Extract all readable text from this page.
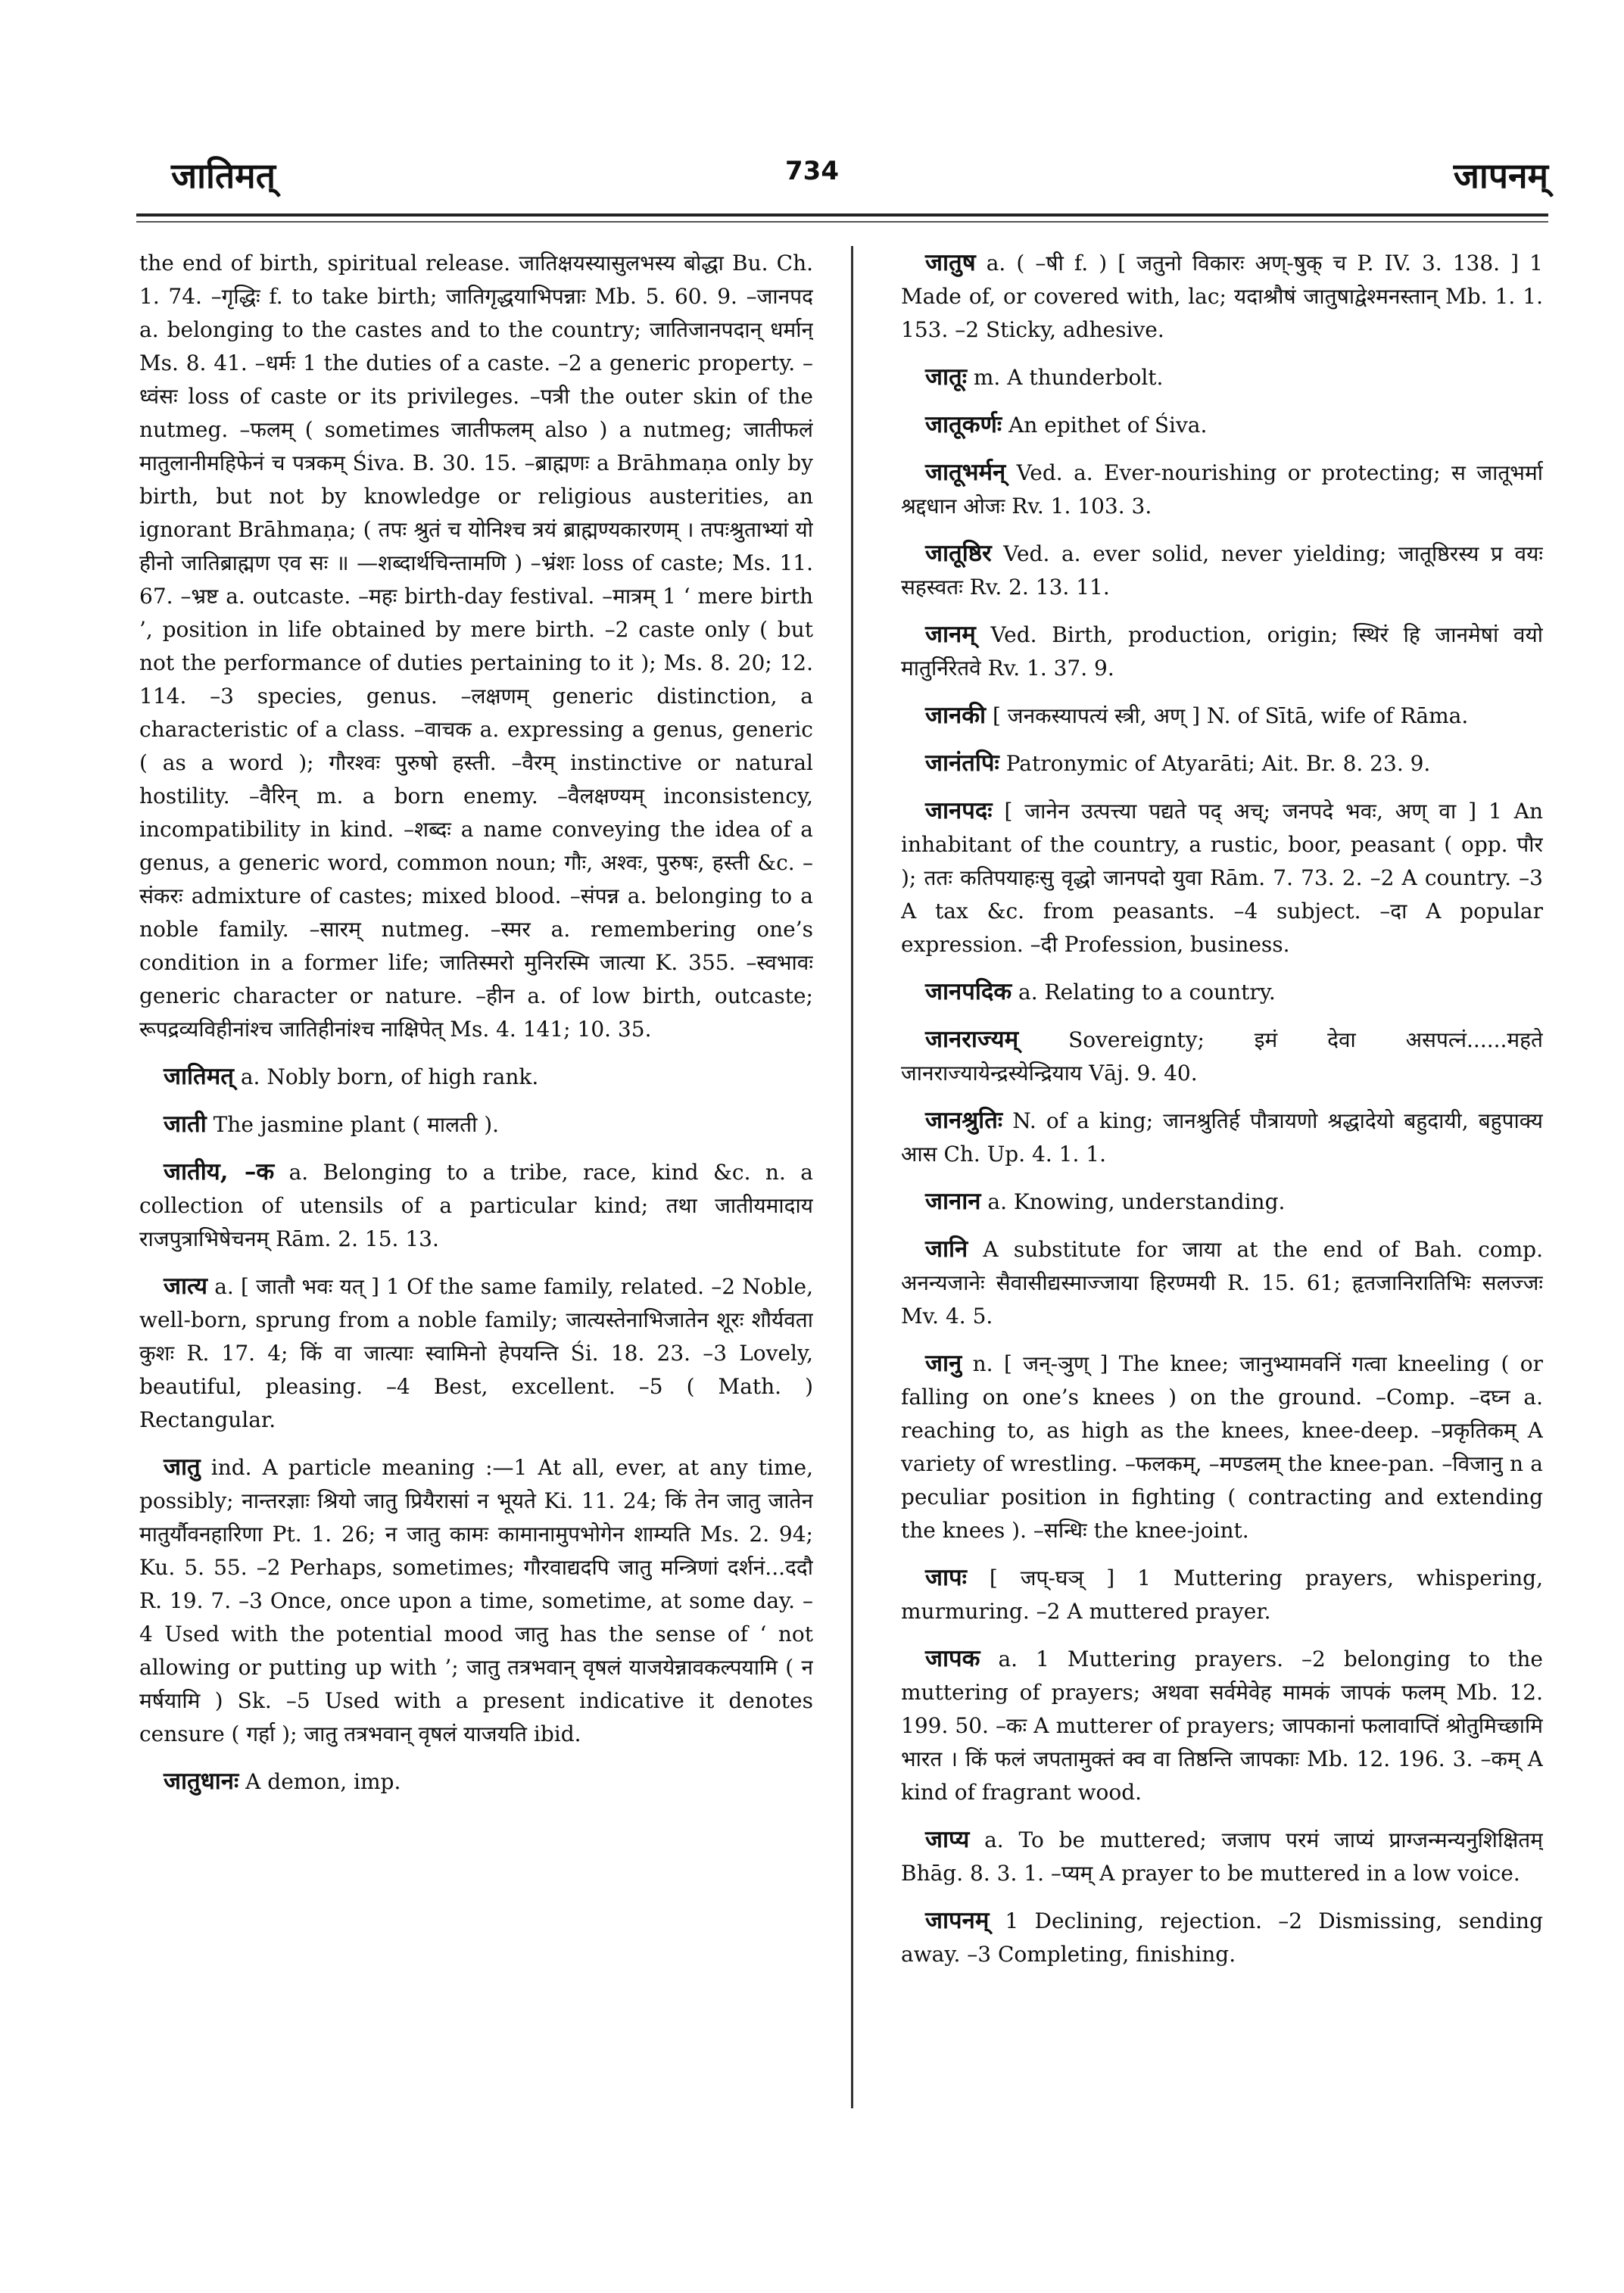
जातिमत्	734	जापनम्

the end of birth, spiritual release. जातिक्षयस्यासुलभस्य बोद्धा Bu. Ch. 1. 74. –गृद्धिः f. to take birth; जातिगृद्धयाभिपन्नाः Mb. 5. 60. 9. –जानपद a. belonging to the castes and to the country; जातिजानपदान् धर्मान् Ms. 8. 41. –धर्मः 1 the duties of a caste. –2 a generic property. –ध्वंसः loss of caste or its privileges. –पत्री the outer skin of the nutmeg. –फलम् ( sometimes जातीफलम् also ) a nutmeg; जातीफलं मातुलानीमहिफेनं च पत्रकम् Śiva. B. 30. 15. –ब्राह्मणः a Brāhmaṇa only by birth, but not by knowledge or religious austerities, an ignorant Brāhmaṇa; ( तपः श्रुतं च योनिश्च त्रयं ब्राह्मण्यकारणम् । तपःश्रुताभ्यां यो हीनो जातिब्राह्मण एव सः ॥ —शब्दार्थचिन्तामणि ) –भ्रंशः loss of caste; Ms. 11. 67. –भ्रष्ट a. outcaste. –महः birth-day festival. –मात्रम् 1 ‘ mere birth ’, position in life obtained by mere birth. –2 caste only ( but not the performance of duties pertaining to it ); Ms. 8. 20; 12. 114. –3 species, genus. –लक्षणम् generic distinction, a characteristic of a class. –वाचक a. expressing a genus, generic ( as a word ); गौरश्वः पुरुषो हस्ती. –वैरम् instinctive or natural hostility. –वैरिन् m. a born enemy. –वैलक्षण्यम् inconsistency, incompatibility in kind. –शब्दः a name conveying the idea of a genus, a generic word, common noun; गौः, अश्वः, पुरुषः, हस्ती &c. –संकरः admixture of castes; mixed blood. –संपन्न a. belonging to a noble family. –सारम् nutmeg. –स्मर a. remembering one’s condition in a former life; जातिस्मरो मुनिरस्मि जात्या K. 355. –स्वभावः generic character or nature. –हीन a. of low birth, outcaste; रूपद्रव्यविहीनांश्च जातिहीनांश्च नाक्षिपेत् Ms. 4. 141; 10. 35.

जातिमत् a. Nobly born, of high rank.

जाती The jasmine plant ( मालती ).

जातीय, –क a. Belonging to a tribe, race, kind &c. n. a collection of utensils of a particular kind; तथा जातीयमादाय राजपुत्राभिषेचनम् Rām. 2. 15. 13.

जात्य a. [ जातौ भवः यत् ] 1 Of the same family, related. –2 Noble, well-born, sprung from a noble family; जात्यस्तेनाभिजातेन शूरः शौर्यवता कुशः R. 17. 4; किं वा जात्याः स्वामिनो हेपयन्ति Śi. 18. 23. –3 Lovely, beautiful, pleasing. –4 Best, excellent. –5 ( Math. ) Rectangular.

जातु ind. A particle meaning :—1 At all, ever, at any time, possibly; नान्तरज्ञाः श्रियो जातु प्रियैरासां न भूयते Ki. 11. 24; किं तेन जातु जातेन मातुर्यौवनहारिणा Pt. 1. 26; न जातु कामः कामानामुपभोगेन शाम्यति Ms. 2. 94; Ku. 5. 55. –2 Perhaps, sometimes; गौरवाद्यदपि जातु मन्त्रिणां दर्शनं...ददौ R. 19. 7. –3 Once, once upon a time, sometime, at some day. –4 Used with the potential mood जातु has the sense of ‘ not allowing or putting up with ’; जातु तत्रभवान् वृषलं याजयेन्नावकल्पयामि ( न मर्षयामि ) Sk. –5 Used with a present indicative it denotes censure ( गर्हा ); जातु तत्रभवान् वृषलं याजयति ibid.

जातुधानः A demon, imp.

जातुष a. ( –षी f. ) [ जतुनो विकारः अण्-षुक् च P. IV. 3. 138. ] 1 Made of, or covered with, lac; यदाश्रौषं जातुषाद्वेश्मनस्तान् Mb. 1. 1. 153. –2 Sticky, adhesive.

जातूः m. A thunderbolt.

जातूकर्णः An epithet of Śiva.

जातूभर्मन् Ved. a. Ever-nourishing or protecting; स जातूभर्मा श्रद्दधान ओजः Rv. 1. 103. 3.

जातूष्ठिर Ved. a. ever solid, never yielding; जातूष्ठिरस्य प्र वयः सहस्वतः Rv. 2. 13. 11.

जानम् Ved. Birth, production, origin; स्थिरं हि जानमेषां वयो मातुर्निरेतवे Rv. 1. 37. 9.

जानकी [ जनकस्यापत्यं स्त्री, अण् ] N. of Sītā, wife of Rāma.

जानंतपिः Patronymic of Atyarāti; Ait. Br. 8. 23. 9.

जानपदः [ जानेन उत्पत्त्या पद्यते पद् अच्; जनपदे भवः, अण् वा ] 1 An inhabitant of the country, a rustic, boor, peasant ( opp. पौर ); ततः कतिपयाहःसु वृद्धो जानपदो युवा Rām. 7. 73. 2. –2 A country. –3 A tax &c. from peasants. –4 subject. –दा A popular expression. –दी Profession, business.

जानपदिक a. Relating to a country.

जानराज्यम् Sovereignty; इमं देवा असपत्नं......महते जानराज्यायेन्द्रस्येन्द्रियाय Vāj. 9. 40.

जानश्रुतिः N. of a king; जानश्रुतिर्ह पौत्रायणो श्रद्धादेयो बहुदायी, बहुपाक्य आस Ch. Up. 4. 1. 1.

जानान a. Knowing, understanding.

जानि A substitute for जाया at the end of Bah. comp. अनन्यजानेः सैवासीद्यस्माज्जाया हिरण्मयी R. 15. 61; हृतजानिरातिभिः सलज्जः Mv. 4. 5.

जानु n. [ जन्-ञुण् ] The knee; जानुभ्यामवनिं गत्वा kneeling ( or falling on one’s knees ) on the ground. –Comp. –दघ्न a. reaching to, as high as the knees, knee-deep. –प्रकृतिकम् A variety of wrestling. –फलकम्, –मण्डलम् the knee-pan. –विजानु n a peculiar position in fighting ( contracting and extending the knees ). –सन्धिः the knee-joint.

जापः [ जप्-घञ् ] 1 Muttering prayers, whispering, murmuring. –2 A muttered prayer.

जापक a. 1 Muttering prayers. –2 belonging to the muttering of prayers; अथवा सर्वमेवेह मामकं जापकं फलम् Mb. 12. 199. 50. –कः A mutterer of prayers; जापकानां फलावाप्तिं श्रोतुमिच्छामि भारत । किं फलं जपतामुक्तं क्व वा तिष्ठन्ति जापकाः Mb. 12. 196. 3. –कम् A kind of fragrant wood.

जाप्य a. To be muttered; जजाप परमं जाप्यं प्राग्जन्मन्यनुशिक्षितम् Bhāg. 8. 3. 1. –प्यम् A prayer to be muttered in a low voice.

जापनम् 1 Declining, rejection. –2 Dismissing, sending away. –3 Completing, finishing.
